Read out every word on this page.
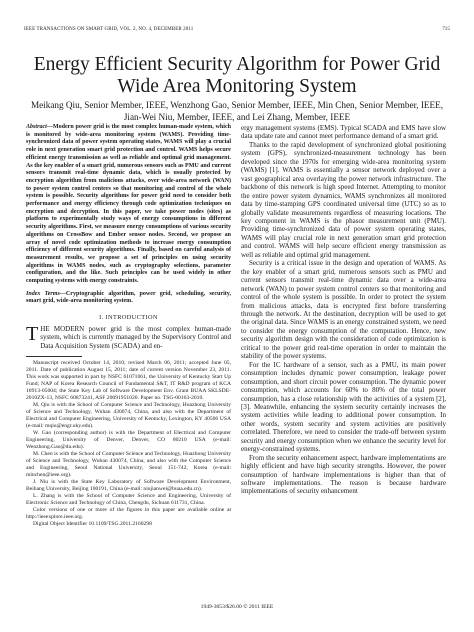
IEEE TRANSACTIONS ON SMART GRID, VOL. 2, NO. 4, DECEMBER 2011	715
Energy Efficient Security Algorithm for Power Grid
Wide Area Monitoring System
Meikang Qiu, Senior Member, IEEE, Wenzhong Gao, Senior Member, IEEE, Min Chen, Senior Member, IEEE,
Jian-Wei Niu, Member, IEEE, and Lei Zhang, Member, IEEE
Abstract—Modern power grid is the most complex human-made system, which is monitored by wide-area monitoring system (WAMS). Providing time-synchronized data of power system operating states, WAMS will play a crucial role in next generation smart grid protection and control. WAMS helps secure efficient energy transmission as well as reliable and optimal grid management. As the key enabler of a smart grid, numerous sensors such as PMU and current sensors transmit real-time dynamic data, which is usually protected by encryption algorithm from malicious attacks, over wide-area network (WAN) to power system control centers so that monitoring and control of the whole system is possible. Security algorithms for power grid need to consider both performance and energy efficiency through code optimization techniques on encryption and decryption. In this paper, we take power nodes (sites) as platform to experimentally study ways of energy consumptions in different security algorithms. First, we measure energy consumptions of various security algorithms on CrossBow and Ember sensor nodes. Second, we propose an array of novel code optimization methods to increase energy consumption efficiency of different security algorithms. Finally, based on careful analysis of measurement results, we propose a set of principles on using security algorithms in WAMS nodes, such as cryptography selections, parameter configuration, and the like. Such principles can be used widely in other computing systems with energy constraints.
Index Terms—Cryptographic algorithm, power grid, scheduling, security, smart grid, wide-area monitoring system.
I. INTRODUCTION
THE MODERN power grid is the most complex human-made system, which is currently managed by the Supervisory Control and Data Acquisition System (SCADA) and en-

Manuscript received October 14, 2010; revised March 06, 2011; accepted June 05, 2011. Date of publication August 15, 2011; date of current version November 23, 2011. This work was supported in part by NSFC 61071061, the University of Kentucky Start Up Fund; NAP of Korea Research Council of Fundamental S&T, IT R&D program of KCA 10913-05004; the State Key Lab of Software Development Env. Grant BUAA SKLSDE-2010ZX-13, NSFC 60873241, ASF 20091951020. Paper no. TSG-00163-2010.

M. Qiu is with the School of Computer Science and Technology, Huazhong University of Science and Technology, Wuhan 430074, China, and also with the Department of Electrical and Computer Engineering, University of Kentucky, Lexington, KY 40506 USA (e-mail: mqiu@engr.uky.edu).

W. Gao (corresponding author) is with the Department of Electrical and Computer Engineering, University of Denver, Denver, CO 80210 USA (e-mail: Wenzhong.Gao@du.edu).

M. Chen is with the School of Computer Science and Technology, Huazhong University of Science and Technology, Wuhan 430074, China, and also with the Computer Science and Engineering, Seoul National University, Seoul 151-742, Korea (e-mail: minchen@ieee.org).

J. Niu is with the State Key Laboratory of Software Development Environment, Beihang University, Beijing 100191, China (e-mail: niujianwei@buaa.edu.cn).

L. Zhang is with the School of Computer Science and Engineering, University of Electronic Science and Technology of China, Chengdu, Sichuan 611731, China.

Color versions of one or more of the figures in this paper are available online at http://ieeexplore.ieee.org.

Digital Object Identifier 10.1109/TSG.2011.2160298

ergy management systems (EMS). Typical SCADA and EMS have slow data update rate and cannot meet performance demand of a smart grid.

Thanks to the rapid development of synchronized global positioning system (GPS), synchronized-measurement technology has been developed since the 1970s for emerging wide-area monitoring system (WAMS) [1]. WAMS is essentially a sensor network deployed over a vast geographical area overlaying the power network infrastructure. The backbone of this network is high speed Internet. Attempting to monitor the entire power system dynamics, WAMS synchronizes all monitored data by time-stamping GPS coordinated universal time (UTC) so as to globally validate measurements regardless of measuring locations. The key component in WAMS is the phasor measurement unit (PMU). Providing time-synchronized data of power system operating states, WAMS will play crucial role in next generation smart grid protection and control. WAMS will help secure efficient energy transmission as well as reliable and optimal grid management.

Security is a critical issue in the design and operation of WAMS. As the key enabler of a smart grid, numerous sensors such as PMU and current sensors transmit real-time dynamic data over a wide-area network (WAN) to power system control centers so that monitoring and control of the whole system is possible. In order to protect the system from malicious attacks, data is encrypted first before transferring through the network. At the destination, decryption will be used to get the original data. Since WAMS is an energy constrained system, we need to consider the energy consumption of the computation. Hence, new security algorithm design with the consideration of code optimization is critical to the power grid real-time operation in order to maintain the stability of the power systems.

For the IC hardware of a sensor, such as a PMU, its main power consumption includes dynamic power consumption, leakage power consumption, and short circuit power consumption. The dynamic power consumption, which accounts for 60% to 80% of the total power consumption, has a close relationship with the activities of a system [2], [3]. Meanwhile, enhancing the system security certainly increases the system activities while leading to additional power consumption. In other words, system security and system activities are positively correlated. Therefore, we need to consider the trade-off between system security and energy consumption when we enhance the security level for energy-constrained systems.

From the security enhancement aspect, hardware implementations are highly efficient and have high security strengths. However, the power consumption of hardware implementations is higher than that of software implementations. The reason is because hardware implementations of security enhancement

1949-3053/$26.00 © 2011 IEEE
